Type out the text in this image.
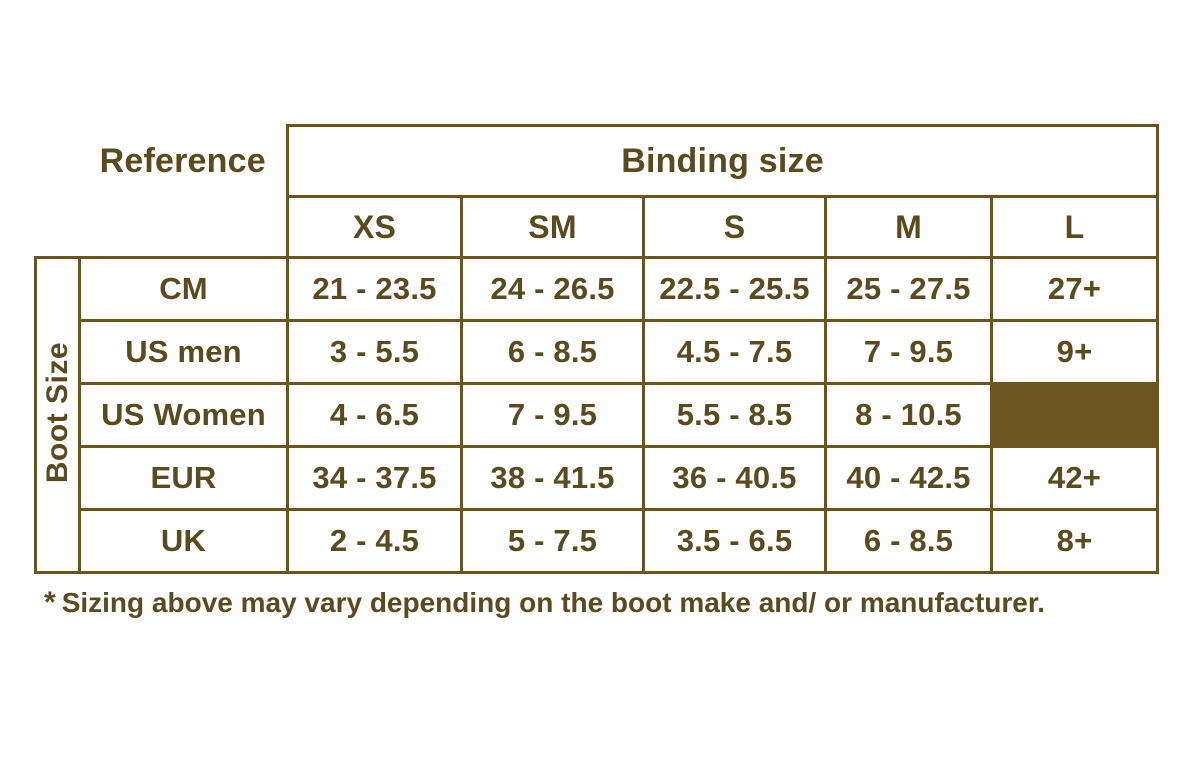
	Reference	Binding size				
		XS	SM	S	M	L
Boot Size	CM	21 - 23.5	24 - 26.5	22.5 - 25.5	25 - 27.5	27+
	US men	3 - 5.5	6 - 8.5	4.5 - 7.5	7 - 9.5	9+
	US Women	4 - 6.5	7 - 9.5	5.5 - 8.5	8 - 10.5	
	EUR	34 - 37.5	38 - 41.5	36 - 40.5	40 - 42.5	42+
	UK	2 - 4.5	5 - 7.5	3.5 - 6.5	6 - 8.5	8+
* Sizing above may vary depending on the boot make and/ or manufacturer.
